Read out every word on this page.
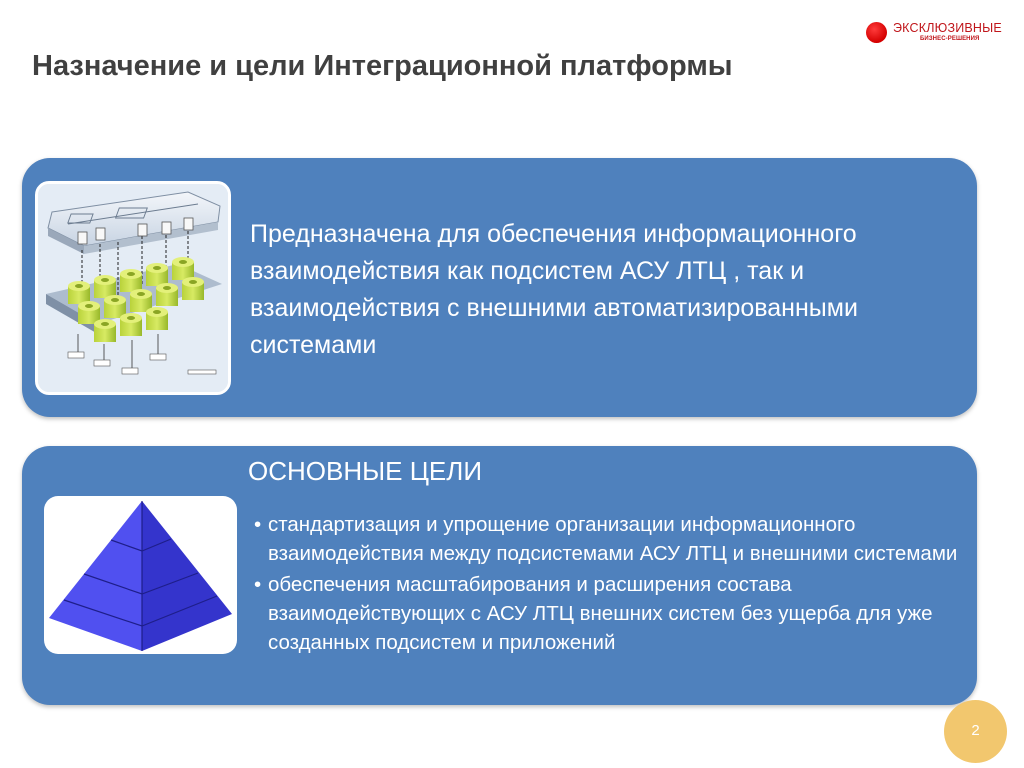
ЭКСКЛЮЗИВНЫЕ
БИЗНЕС-РЕШЕНИЯ
Назначение и цели Интеграционной платформы

Предназначена для обеспечения информационного взаимодействия как подсистем АСУ ЛТЦ , так и взаимодействия с внешними автоматизированными системами

ОСНОВНЫЕ ЦЕЛИ
• стандартизация и упрощение организации информационного взаимодействия между подсистемами АСУ ЛТЦ и внешними системами
• обеспечения масштабирования и расширения состава взаимодействующих с АСУ ЛТЦ внешних систем без ущерба для уже созданных подсистем и приложений
2
